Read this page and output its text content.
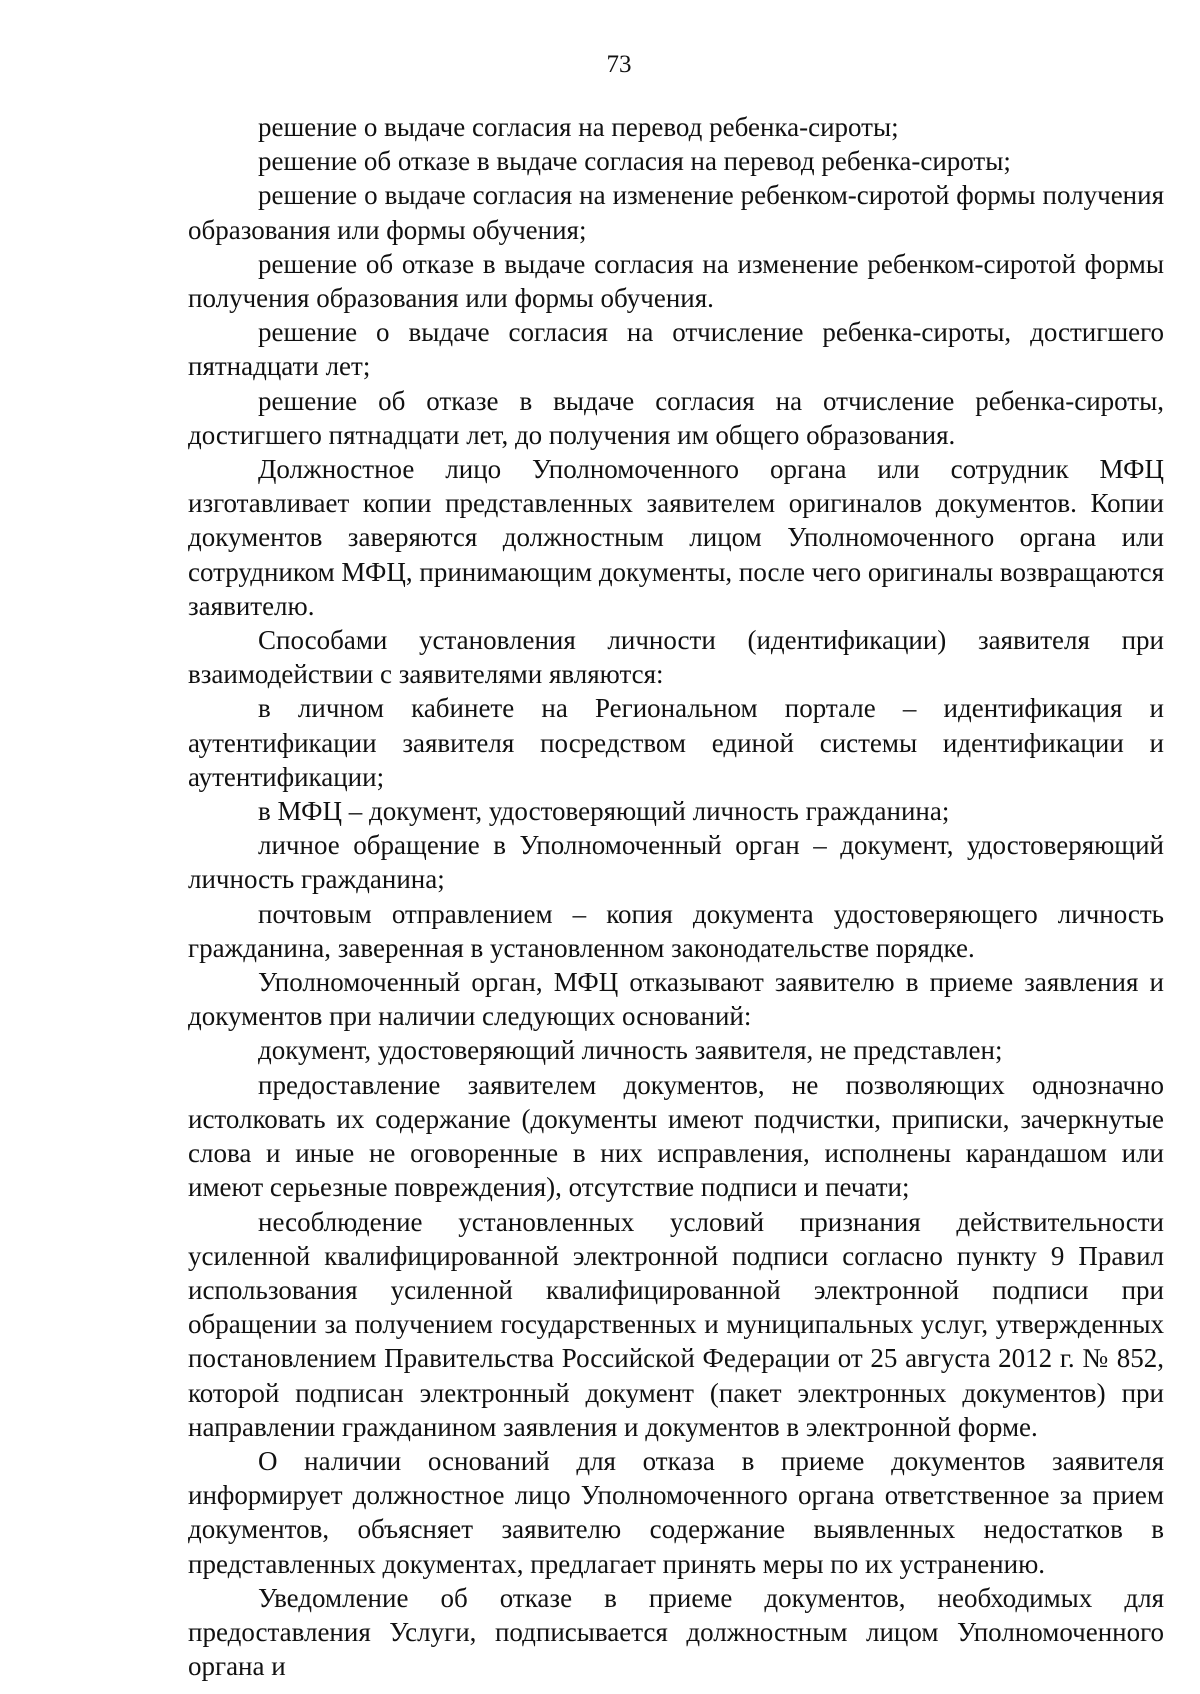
73

решение о выдаче согласия на перевод ребенка-сироты;

решение об отказе в выдаче согласия на перевод ребенка-сироты;

решение о выдаче согласия на изменение ребенком-сиротой формы получения образования или формы обучения;

решение об отказе в выдаче согласия на изменение ребенком-сиротой формы получения образования или формы обучения.

решение о выдаче согласия на отчисление ребенка-сироты, достигшего пятнадцати лет;

решение об отказе в выдаче согласия на отчисление ребенка-сироты, достигшего пятнадцати лет, до получения им общего образования.

Должностное лицо Уполномоченного органа или сотрудник МФЦ изготавливает копии представленных заявителем оригиналов документов. Копии документов заверяются должностным лицом Уполномоченного органа или сотрудником МФЦ, принимающим документы, после чего оригиналы возвращаются заявителю.

Способами установления личности (идентификации) заявителя при взаимодействии с заявителями являются:

в личном кабинете на Региональном портале – идентификация и аутентификации заявителя посредством единой системы идентификации и аутентификации;

в МФЦ – документ, удостоверяющий личность гражданина;

личное обращение в Уполномоченный орган – документ, удостоверяющий личность гражданина;

почтовым отправлением – копия документа удостоверяющего личность гражданина, заверенная в установленном законодательстве порядке.

Уполномоченный орган, МФЦ отказывают заявителю в приеме заявления и документов при наличии следующих оснований:

документ, удостоверяющий личность заявителя, не представлен;

предоставление заявителем документов, не позволяющих однозначно истолковать их содержание (документы имеют подчистки, приписки, зачеркнутые слова и иные не оговоренные в них исправления, исполнены карандашом или имеют серьезные повреждения), отсутствие подписи и печати;

несоблюдение установленных условий признания действительности усиленной квалифицированной электронной подписи согласно пункту 9 Правил использования усиленной квалифицированной электронной подписи при обращении за получением государственных и муниципальных услуг, утвержденных постановлением Правительства Российской Федерации от 25 августа 2012 г. № 852, которой подписан электронный документ (пакет электронных документов) при направлении гражданином заявления и документов в электронной форме.

О наличии оснований для отказа в приеме документов заявителя информирует должностное лицо Уполномоченного органа ответственное за прием документов, объясняет заявителю содержание выявленных недостатков в представленных документах, предлагает принять меры по их устранению.

Уведомление об отказе в приеме документов, необходимых для предоставления Услуги, подписывается должностным лицом Уполномоченного органа и
